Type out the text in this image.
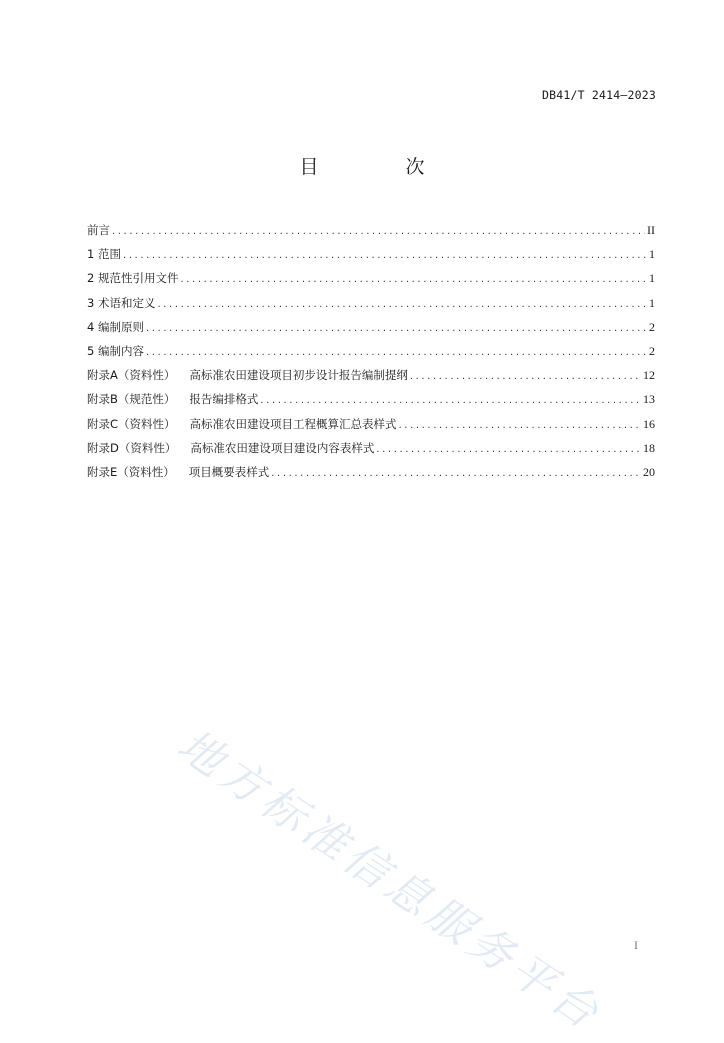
DB41/T 2414—2023
目　次
前言 .....	II
1 范围 .....	1
2 规范性引用文件 .....	1
3 术语和定义 .....	1
4 编制原则 .....	2
5 编制内容 .....	2
附录A（资料性） 高标准农田建设项目初步设计报告编制提纲 .....	12
附录B（规范性） 报告编排格式 .....	13
附录C（资料性） 高标准农田建设项目工程概算汇总表样式 .....	16
附录D（资料性） 高标准农田建设项目建设内容表样式 .....	18
附录E（资料性） 项目概要表样式 .....	20
地方标准信息服务平台	I
